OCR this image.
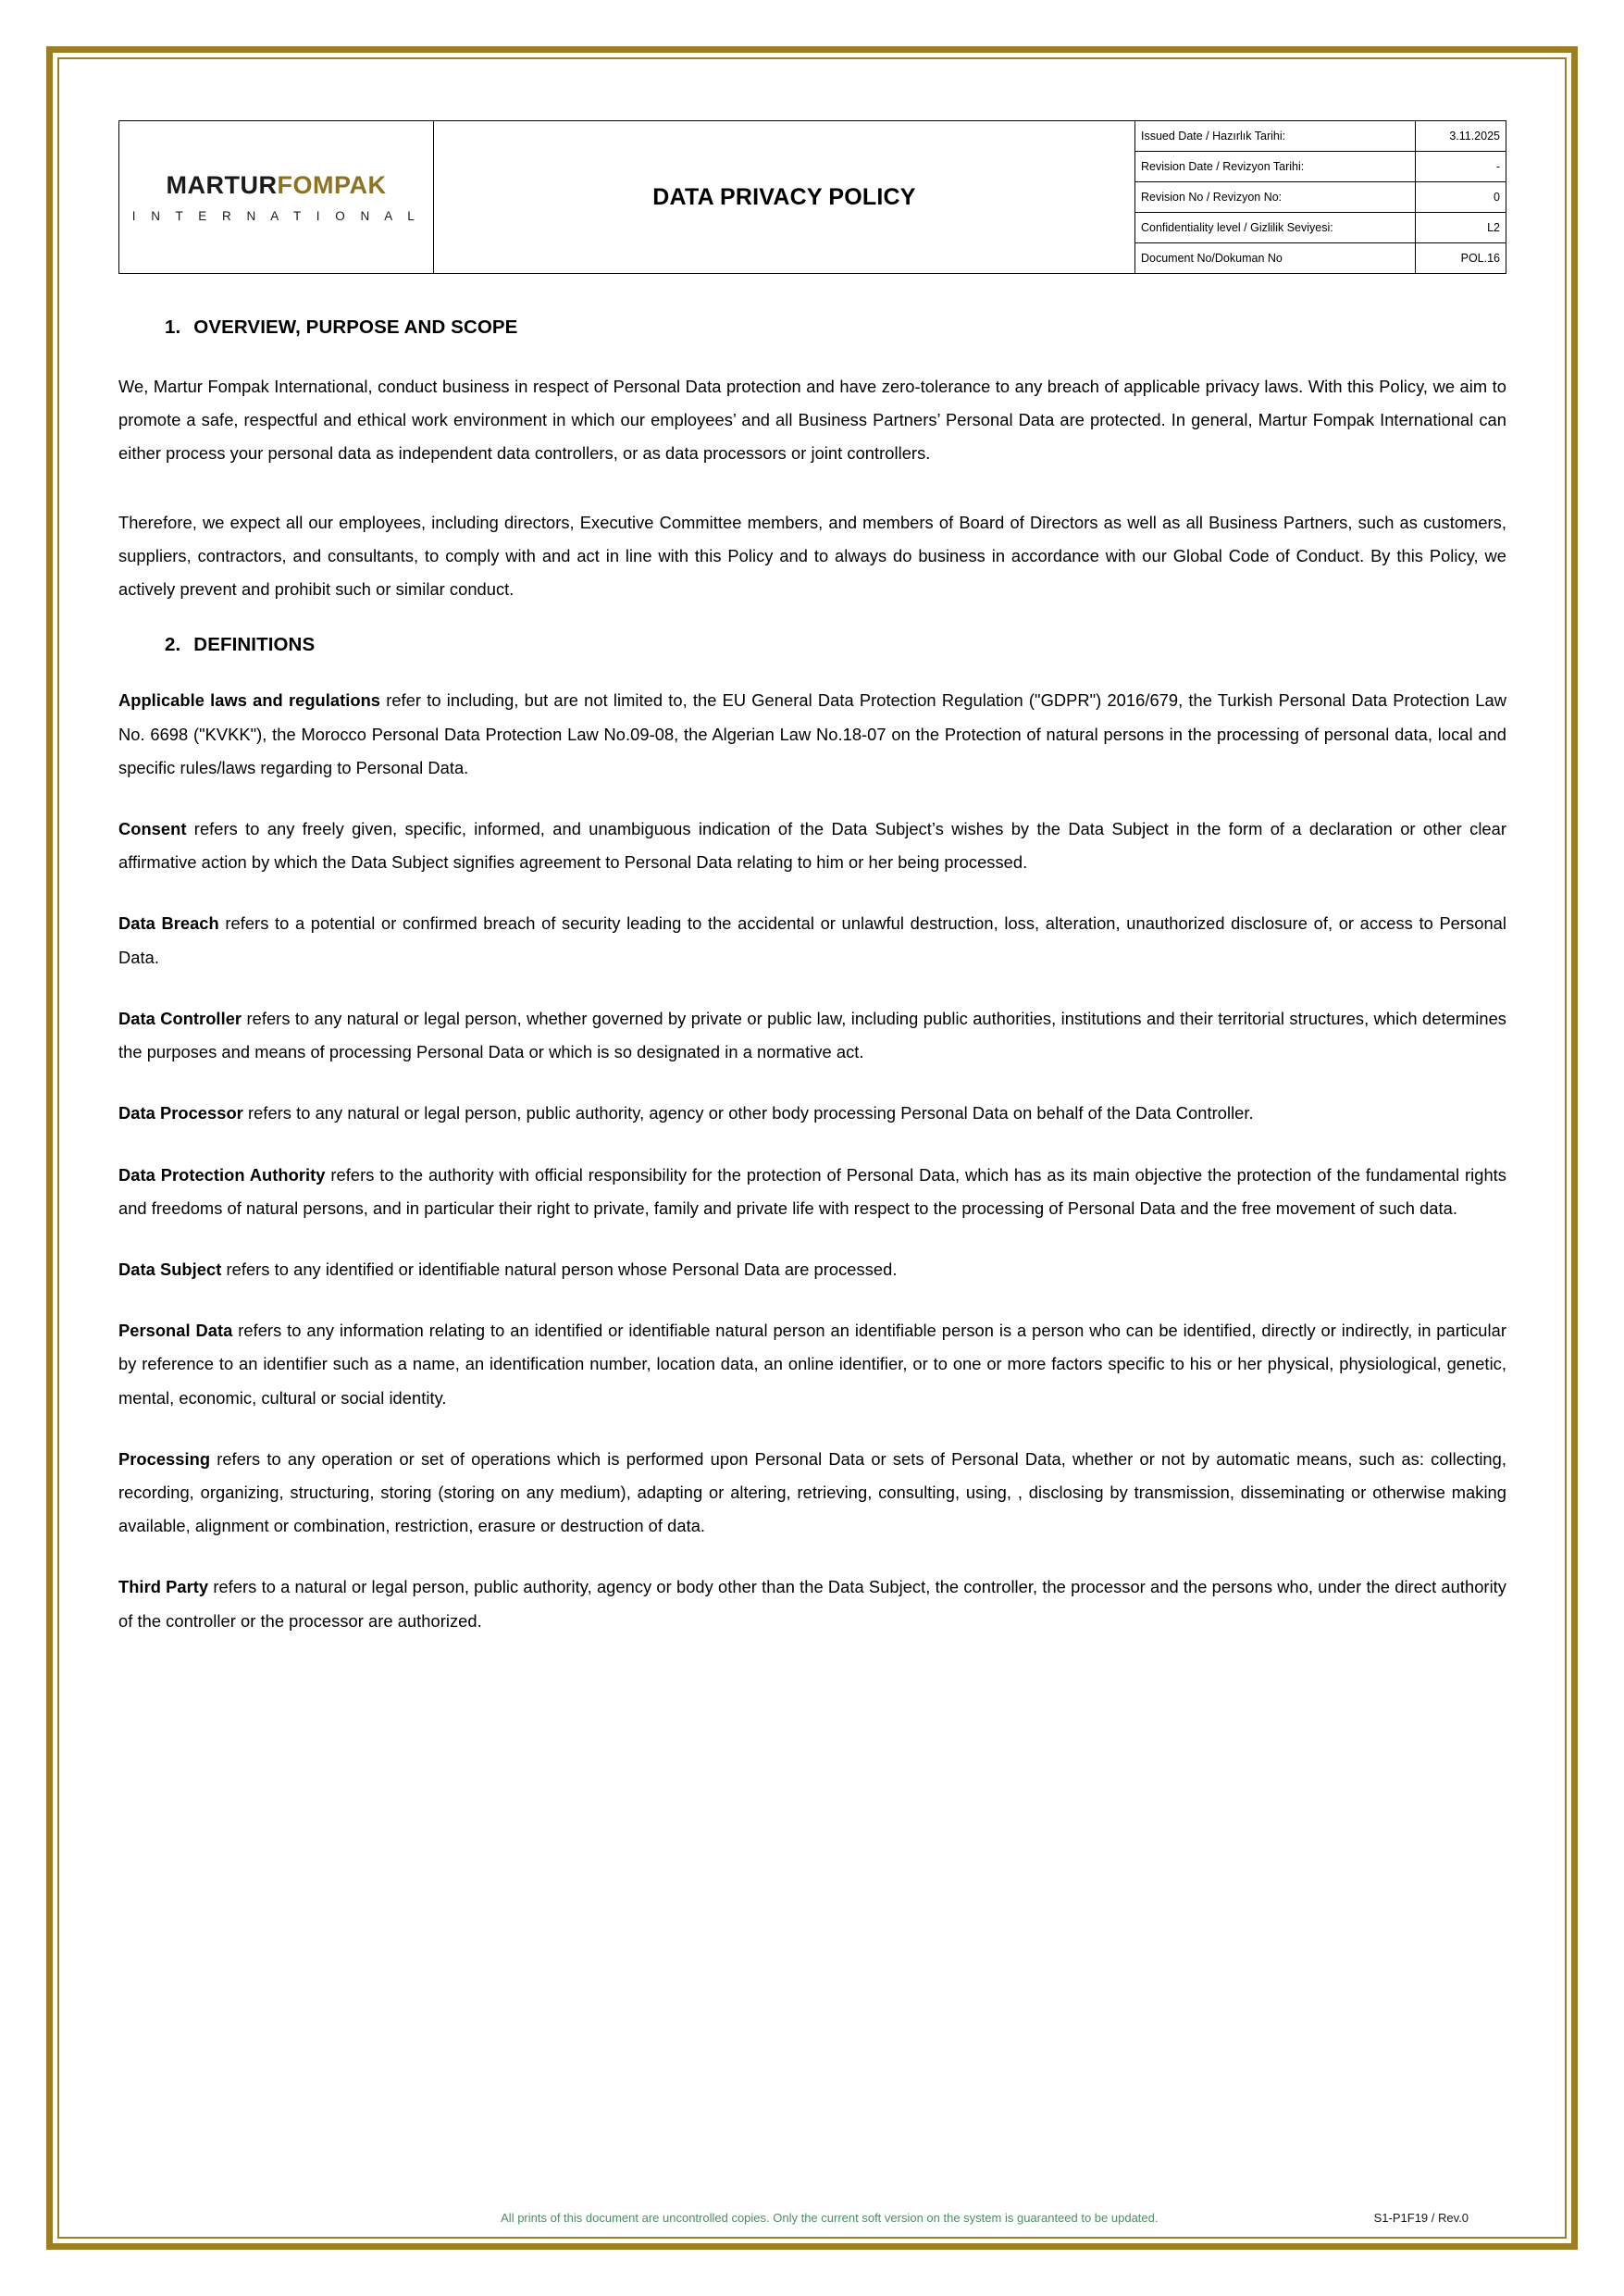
MARTURFOMPAK
I N T E R N A T I O N A L
DATA PRIVACY POLICY
Issued Date / Hazırlık Tarihi:	3.11.2025
Revision Date / Revizyon Tarihi:	-
Revision No / Revizyon No:	0
Confidentiality level / Gizlilik Seviyesi:	L2
Document No/Dokuman No	POL.16
1. OVERVIEW, PURPOSE AND SCOPE

We, Martur Fompak International, conduct business in respect of Personal Data protection and have zero-tolerance to any breach of applicable privacy laws. With this Policy, we aim to promote a safe, respectful and ethical work environment in which our employees’ and all Business Partners’ Personal Data are protected. In general, Martur Fompak International can either process your personal data as independent data controllers, or as data processors or joint controllers.

Therefore, we expect all our employees, including directors, Executive Committee members, and members of Board of Directors as well as all Business Partners, such as customers, suppliers, contractors, and consultants, to comply with and act in line with this Policy and to always do business in accordance with our Global Code of Conduct. By this Policy, we actively prevent and prohibit such or similar conduct.

2. DEFINITIONS

Applicable laws and regulations refer to including, but are not limited to, the EU General Data Protection Regulation ("GDPR") 2016/679, the Turkish Personal Data Protection Law No. 6698 ("KVKK"), the Morocco Personal Data Protection Law No.09-08, the Algerian Law No.18-07 on the Protection of natural persons in the processing of personal data, local and specific rules/laws regarding to Personal Data.

Consent refers to any freely given, specific, informed, and unambiguous indication of the Data Subject’s wishes by the Data Subject in the form of a declaration or other clear affirmative action by which the Data Subject signifies agreement to Personal Data relating to him or her being processed.

Data Breach refers to a potential or confirmed breach of security leading to the accidental or unlawful destruction, loss, alteration, unauthorized disclosure of, or access to Personal Data.

Data Controller refers to any natural or legal person, whether governed by private or public law, including public authorities, institutions and their territorial structures, which determines the purposes and means of processing Personal Data or which is so designated in a normative act.

Data Processor refers to any natural or legal person, public authority, agency or other body processing Personal Data on behalf of the Data Controller.

Data Protection Authority refers to the authority with official responsibility for the protection of Personal Data, which has as its main objective the protection of the fundamental rights and freedoms of natural persons, and in particular their right to private, family and private life with respect to the processing of Personal Data and the free movement of such data.

Data Subject refers to any identified or identifiable natural person whose Personal Data are processed.

Personal Data refers to any information relating to an identified or identifiable natural person an identifiable person is a person who can be identified, directly or indirectly, in particular by reference to an identifier such as a name, an identification number, location data, an online identifier, or to one or more factors specific to his or her physical, physiological, genetic, mental, economic, cultural or social identity.

Processing refers to any operation or set of operations which is performed upon Personal Data or sets of Personal Data, whether or not by automatic means, such as: collecting, recording, organizing, structuring, storing (storing on any medium), adapting or altering, retrieving, consulting, using, , disclosing by transmission, disseminating or otherwise making available, alignment or combination, restriction, erasure or destruction of data.

Third Party refers to a natural or legal person, public authority, agency or body other than the Data Subject, the controller, the processor and the persons who, under the direct authority of the controller or the processor are authorized.

All prints of this document are uncontrolled copies. Only the current soft version on the system is guaranteed to be updated.	S1-P1F19 / Rev.0
